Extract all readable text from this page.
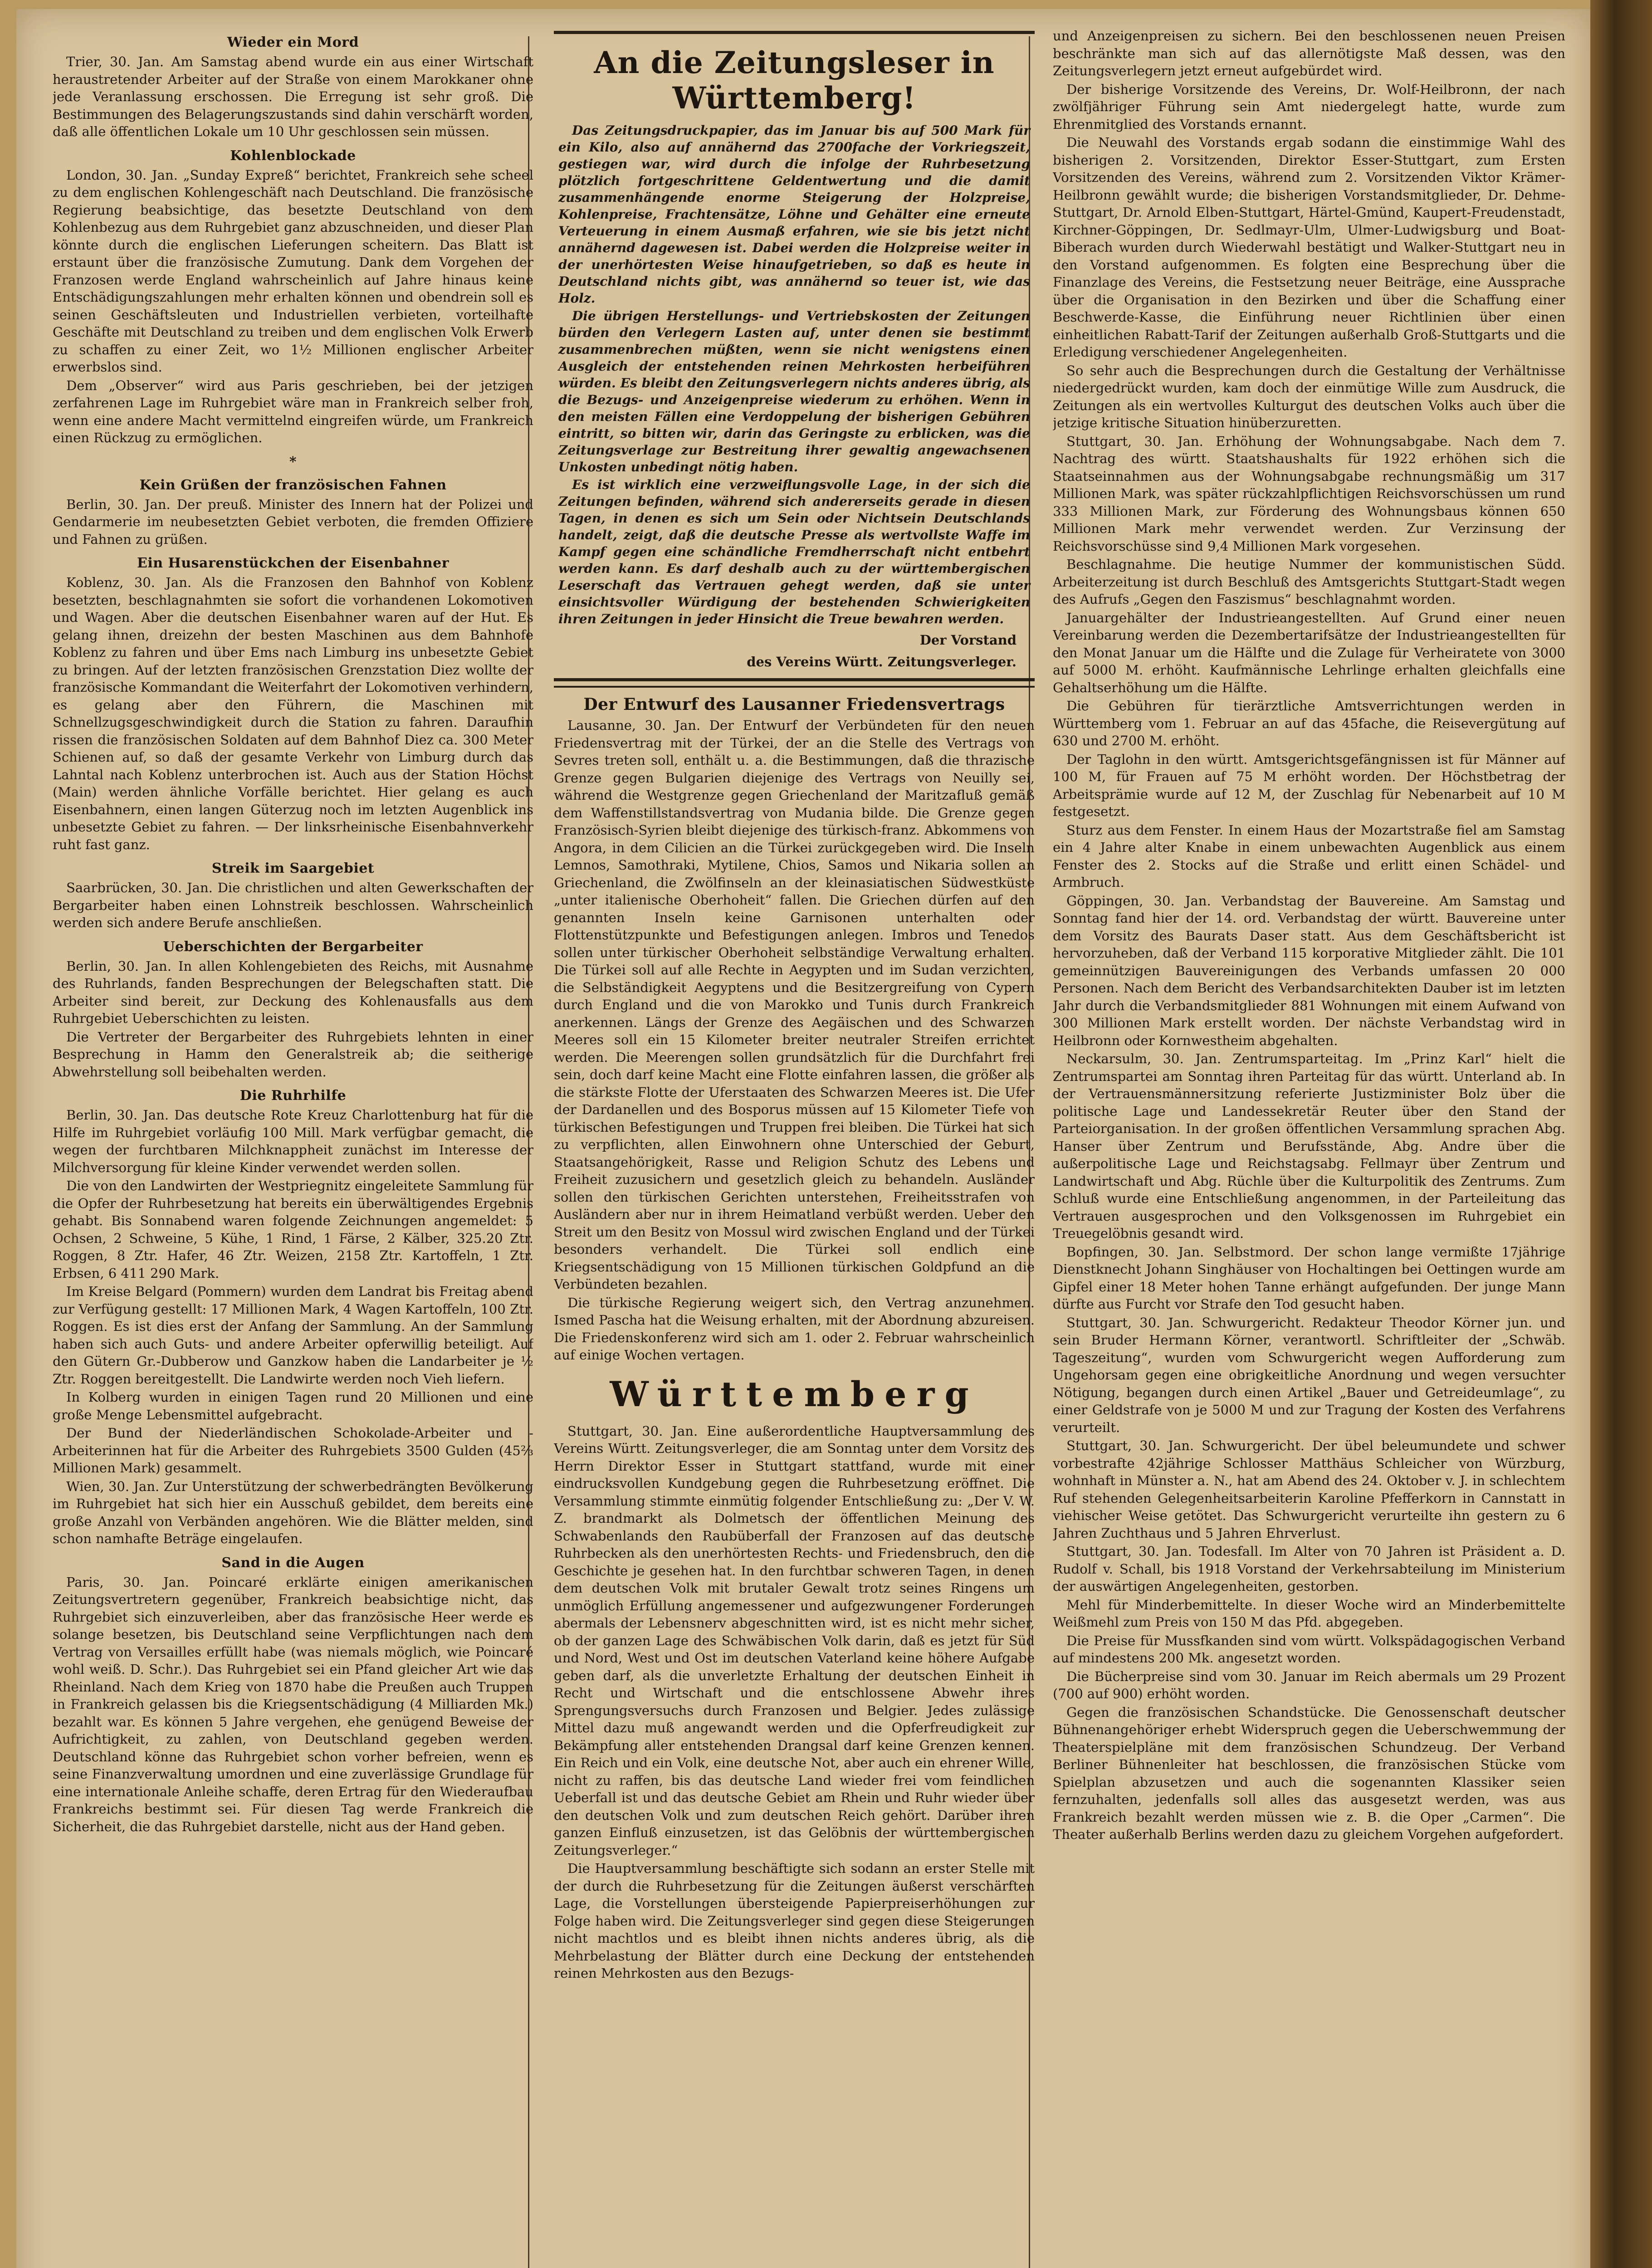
Wieder ein Mord

Trier, 30. Jan. Am Samstag abend wurde ein aus einer Wirtschaft heraustretender Arbeiter auf der Straße von einem Marokkaner ohne jede Veranlassung erschossen. Die Erregung ist sehr groß. Die Bestimmungen des Belagerungszustands sind dahin verschärft worden, daß alle öffentlichen Lokale um 10 Uhr geschlossen sein müssen.

Kohlenblockade

London, 30. Jan. „Sunday Expreß“ berichtet, Frankreich sehe scheel zu dem englischen Kohlengeschäft nach Deutschland. Die französische Regierung beabsichtige, das besetzte Deutschland von dem Kohlenbezug aus dem Ruhrgebiet ganz abzuschneiden, und dieser Plan könnte durch die englischen Lieferungen scheitern. Das Blatt ist erstaunt über die französische Zumutung. Dank dem Vorgehen der Franzosen werde England wahrscheinlich auf Jahre hinaus keine Entschädigungszahlungen mehr erhalten können und obendrein soll es seinen Geschäftsleuten und Industriellen verbieten, vorteilhafte Geschäfte mit Deutschland zu treiben und dem englischen Volk Erwerb zu schaffen zu einer Zeit, wo 1½ Millionen englischer Arbeiter erwerbslos sind.

Dem „Observer“ wird aus Paris geschrieben, bei der jetzigen zerfahrenen Lage im Ruhrgebiet wäre man in Frankreich selber froh, wenn eine andere Macht vermittelnd eingreifen würde, um Frankreich einen Rückzug zu ermöglichen.

*
Kein Grüßen der französischen Fahnen

Berlin, 30. Jan. Der preuß. Minister des Innern hat der Polizei und Gendarmerie im neubesetzten Gebiet verboten, die fremden Offiziere und Fahnen zu grüßen.

Ein Husarenstückchen der Eisenbahner

Koblenz, 30. Jan. Als die Franzosen den Bahnhof von Koblenz besetzten, beschlagnahmten sie sofort die vorhandenen Lokomotiven und Wagen. Aber die deutschen Eisenbahner waren auf der Hut. Es gelang ihnen, dreizehn der besten Maschinen aus dem Bahnhofe Koblenz zu fahren und über Ems nach Limburg ins unbesetzte Gebiet zu bringen. Auf der letzten französischen Grenzstation Diez wollte der französische Kommandant die Weiterfahrt der Lokomotiven verhindern, es gelang aber den Führern, die Maschinen mit Schnellzugsgeschwindigkeit durch die Station zu fahren. Daraufhin rissen die französischen Soldaten auf dem Bahnhof Diez ca. 300 Meter Schienen auf, so daß der gesamte Verkehr von Limburg durch das Lahntal nach Koblenz unterbrochen ist. Auch aus der Station Höchst (Main) werden ähnliche Vorfälle berichtet. Hier gelang es auch Eisenbahnern, einen langen Güterzug noch im letzten Augenblick ins unbesetzte Gebiet zu fahren. — Der linksrheinische Eisenbahnverkehr ruht fast ganz.

Streik im Saargebiet

Saarbrücken, 30. Jan. Die christlichen und alten Gewerkschaften der Bergarbeiter haben einen Lohnstreik beschlossen. Wahrscheinlich werden sich andere Berufe anschließen.

Ueberschichten der Bergarbeiter

Berlin, 30. Jan. In allen Kohlengebieten des Reichs, mit Ausnahme des Ruhrlands, fanden Besprechungen der Belegschaften statt. Die Arbeiter sind bereit, zur Deckung des Kohlenausfalls aus dem Ruhrgebiet Ueberschichten zu leisten.

Die Vertreter der Bergarbeiter des Ruhrgebiets lehnten in einer Besprechung in Hamm den Generalstreik ab; die seitherige Abwehrstellung soll beibehalten werden.

Die Ruhrhilfe

Berlin, 30. Jan. Das deutsche Rote Kreuz Charlottenburg hat für die Hilfe im Ruhrgebiet vorläufig 100 Mill. Mark verfügbar gemacht, die wegen der furchtbaren Milchknappheit zunächst im Interesse der Milchversorgung für kleine Kinder verwendet werden sollen.

Die von den Landwirten der Westpriegnitz eingeleitete Sammlung für die Opfer der Ruhrbesetzung hat bereits ein überwältigendes Ergebnis gehabt. Bis Sonnabend waren folgende Zeichnungen angemeldet: 5 Ochsen, 2 Schweine, 5 Kühe, 1 Rind, 1 Färse, 2 Kälber, 325.20 Ztr. Roggen, 8 Ztr. Hafer, 46 Ztr. Weizen, 2158 Ztr. Kartoffeln, 1 Ztr. Erbsen, 6 411 290 Mark.

Im Kreise Belgard (Pommern) wurden dem Landrat bis Freitag abend zur Verfügung gestellt: 17 Millionen Mark, 4 Wagen Kartoffeln, 100 Ztr. Roggen. Es ist dies erst der Anfang der Sammlung. An der Sammlung haben sich auch Guts- und andere Arbeiter opferwillig beteiligt. Auf den Gütern Gr.-Dubberow und Ganzkow haben die Landarbeiter je ½ Ztr. Roggen bereitgestellt. Die Landwirte werden noch Vieh liefern.

In Kolberg wurden in einigen Tagen rund 20 Millionen und eine große Menge Lebensmittel aufgebracht.

Der Bund der Niederländischen Schokolade-Arbeiter und -Arbeiterinnen hat für die Arbeiter des Ruhrgebiets 3500 Gulden (45⅔ Millionen Mark) gesammelt.

Wien, 30. Jan. Zur Unterstützung der schwerbedrängten Bevölkerung im Ruhrgebiet hat sich hier ein Ausschuß gebildet, dem bereits eine große Anzahl von Verbänden angehören. Wie die Blätter melden, sind schon namhafte Beträge eingelaufen.

Sand in die Augen

Paris, 30. Jan. Poincaré erklärte einigen amerikanischen Zeitungsvertretern gegenüber, Frankreich beabsichtige nicht, das Ruhrgebiet sich einzuverleiben, aber das französische Heer werde es solange besetzen, bis Deutschland seine Verpflichtungen nach dem Vertrag von Versailles erfüllt habe (was niemals möglich, wie Poincaré wohl weiß. D. Schr.). Das Ruhrgebiet sei ein Pfand gleicher Art wie das Rheinland. Nach dem Krieg von 1870 habe die Preußen auch Truppen in Frankreich gelassen bis die Kriegsentschädigung (4 Milliarden Mk.) bezahlt war. Es können 5 Jahre vergehen, ehe genügend Beweise der Aufrichtigkeit, zu zahlen, von Deutschland gegeben werden. Deutschland könne das Ruhrgebiet schon vorher befreien, wenn es seine Finanzverwaltung umordnen und eine zuverlässige Grundlage für eine internationale Anleihe schaffe, deren Ertrag für den Wiederaufbau Frankreichs bestimmt sei. Für diesen Tag werde Frankreich die Sicherheit, die das Ruhrgebiet darstelle, nicht aus der Hand geben.

An die Zeitungsleser in Württemberg!

Das Zeitungsdruckpapier, das im Januar bis auf 500 Mark für ein Kilo, also auf annähernd das 2700fache der Vorkriegszeit, gestiegen war, wird durch die infolge der Ruhrbesetzung plötzlich fortgeschrittene Geldentwertung und die damit zusammenhängende enorme Steigerung der Holzpreise, Kohlenpreise, Frachtensätze, Löhne und Gehälter eine erneute Verteuerung in einem Ausmaß erfahren, wie sie bis jetzt nicht annähernd dagewesen ist. Dabei werden die Holzpreise weiter in der unerhörtesten Weise hinaufgetrieben, so daß es heute in Deutschland nichts gibt, was annähernd so teuer ist, wie das Holz.

Die übrigen Herstellungs- und Vertriebskosten der Zeitungen bürden den Verlegern Lasten auf, unter denen sie bestimmt zusammenbrechen müßten, wenn sie nicht wenigstens einen Ausgleich der entstehenden reinen Mehrkosten herbeiführen würden. Es bleibt den Zeitungsverlegern nichts anderes übrig, als die Bezugs- und Anzeigenpreise wiederum zu erhöhen. Wenn in den meisten Fällen eine Verdoppelung der bisherigen Gebühren eintritt, so bitten wir, darin das Geringste zu erblicken, was die Zeitungsverlage zur Bestreitung ihrer gewaltig angewachsenen Unkosten unbedingt nötig haben.

Es ist wirklich eine verzweiflungsvolle Lage, in der sich die Zeitungen befinden, während sich andererseits gerade in diesen Tagen, in denen es sich um Sein oder Nichtsein Deutschlands handelt, zeigt, daß die deutsche Presse als wertvollste Waffe im Kampf gegen eine schändliche Fremdherrschaft nicht entbehrt werden kann. Es darf deshalb auch zu der württembergischen Leserschaft das Vertrauen gehegt werden, daß sie unter einsichtsvoller Würdigung der bestehenden Schwierigkeiten ihren Zeitungen in jeder Hinsicht die Treue bewahren werden.

Der Vorstand
des Vereins Württ. Zeitungsverleger.
Der Entwurf des Lausanner Friedensvertrags

Lausanne, 30. Jan. Der Entwurf der Verbündeten für den neuen Friedensvertrag mit der Türkei, der an die Stelle des Vertrags von Sevres treten soll, enthält u. a. die Bestimmungen, daß die thrazische Grenze gegen Bulgarien diejenige des Vertrags von Neuilly sei, während die Westgrenze gegen Griechenland der Maritzafluß gemäß dem Waffenstillstandsvertrag von Mudania bilde. Die Grenze gegen Französisch-Syrien bleibt diejenige des türkisch-franz. Abkommens von Angora, in dem Cilicien an die Türkei zurückgegeben wird. Die Inseln Lemnos, Samothraki, Mytilene, Chios, Samos und Nikaria sollen an Griechenland, die Zwölfinseln an der kleinasiatischen Südwestküste „unter italienische Oberhoheit“ fallen. Die Griechen dürfen auf den genannten Inseln keine Garnisonen unterhalten oder Flottenstützpunkte und Befestigungen anlegen. Imbros und Tenedos sollen unter türkischer Oberhoheit selbständige Verwaltung erhalten. Die Türkei soll auf alle Rechte in Aegypten und im Sudan verzichten, die Selbständigkeit Aegyptens und die Besitzergreifung von Cypern durch England und die von Marokko und Tunis durch Frankreich anerkennen. Längs der Grenze des Aegäischen und des Schwarzen Meeres soll ein 15 Kilometer breiter neutraler Streifen errichtet werden. Die Meerengen sollen grundsätzlich für die Durchfahrt frei sein, doch darf keine Macht eine Flotte einfahren lassen, die größer als die stärkste Flotte der Uferstaaten des Schwarzen Meeres ist. Die Ufer der Dardanellen und des Bosporus müssen auf 15 Kilometer Tiefe von türkischen Befestigungen und Truppen frei bleiben. Die Türkei hat sich zu verpflichten, allen Einwohnern ohne Unterschied der Geburt, Staatsangehörigkeit, Rasse und Religion Schutz des Lebens und Freiheit zuzusichern und gesetzlich gleich zu behandeln. Ausländer sollen den türkischen Gerichten unterstehen, Freiheitsstrafen von Ausländern aber nur in ihrem Heimatland verbüßt werden. Ueber den Streit um den Besitz von Mossul wird zwischen England und der Türkei besonders verhandelt. Die Türkei soll endlich eine Kriegsentschädigung von 15 Millionen türkischen Goldpfund an die Verbündeten bezahlen.

Die türkische Regierung weigert sich, den Vertrag anzunehmen. Ismed Pascha hat die Weisung erhalten, mit der Abordnung abzureisen. Die Friedenskonferenz wird sich am 1. oder 2. Februar wahrscheinlich auf einige Wochen vertagen.

Württemberg

Stuttgart, 30. Jan. Eine außerordentliche Hauptversammlung des Vereins Württ. Zeitungsverleger, die am Sonntag unter dem Vorsitz des Herrn Direktor Esser in Stuttgart stattfand, wurde mit einer eindrucksvollen Kundgebung gegen die Ruhrbesetzung eröffnet. Die Versammlung stimmte einmütig folgender Entschließung zu: „Der V. W. Z. brandmarkt als Dolmetsch der öffentlichen Meinung des Schwabenlands den Raubüberfall der Franzosen auf das deutsche Ruhrbecken als den unerhörtesten Rechts- und Friedensbruch, den die Geschichte je gesehen hat. In den furchtbar schweren Tagen, in denen dem deutschen Volk mit brutaler Gewalt trotz seines Ringens um unmöglich Erfüllung angemessener und aufgezwungener Forderungen abermals der Lebensnerv abgeschnitten wird, ist es nicht mehr sicher, ob der ganzen Lage des Schwäbischen Volk darin, daß es jetzt für Süd und Nord, West und Ost im deutschen Vaterland keine höhere Aufgabe geben darf, als die unverletzte Erhaltung der deutschen Einheit in Recht und Wirtschaft und die entschlossene Abwehr ihres Sprengungsversuchs durch Franzosen und Belgier. Jedes zulässige Mittel dazu muß angewandt werden und die Opferfreudigkeit zur Bekämpfung aller entstehenden Drangsal darf keine Grenzen kennen. Ein Reich und ein Volk, eine deutsche Not, aber auch ein ehrener Wille, nicht zu raffen, bis das deutsche Land wieder frei vom feindlichen Ueberfall ist und das deutsche Gebiet am Rhein und Ruhr wieder über den deutschen Volk und zum deutschen Reich gehört. Darüber ihren ganzen Einfluß einzusetzen, ist das Gelöbnis der württembergischen Zeitungsverleger.“

Die Hauptversammlung beschäftigte sich sodann an erster Stelle mit der durch die Ruhrbesetzung für die Zeitungen äußerst verschärften Lage, die Vorstellungen übersteigende Papierpreiserhöhungen zur Folge haben wird. Die Zeitungsverleger sind gegen diese Steigerungen nicht machtlos und es bleibt ihnen nichts anderes übrig, als die Mehrbelastung der Blätter durch eine Deckung der entstehenden reinen Mehrkosten aus den Bezugs-

und Anzeigenpreisen zu sichern. Bei den beschlossenen neuen Preisen beschränkte man sich auf das allernötigste Maß dessen, was den Zeitungsverlegern jetzt erneut aufgebürdet wird.

Der bisherige Vorsitzende des Vereins, Dr. Wolf-Heilbronn, der nach zwölfjähriger Führung sein Amt niedergelegt hatte, wurde zum Ehrenmitglied des Vorstands ernannt.

Die Neuwahl des Vorstands ergab sodann die einstimmige Wahl des bisherigen 2. Vorsitzenden, Direktor Esser-Stuttgart, zum Ersten Vorsitzenden des Vereins, während zum 2. Vorsitzenden Viktor Krämer-Heilbronn gewählt wurde; die bisherigen Vorstandsmitglieder, Dr. Dehme-Stuttgart, Dr. Arnold Elben-Stuttgart, Härtel-Gmünd, Kaupert-Freudenstadt, Kirchner-Göppingen, Dr. Sedlmayr-Ulm, Ulmer-Ludwigsburg und Boat-Biberach wurden durch Wiederwahl bestätigt und Walker-Stuttgart neu in den Vorstand aufgenommen. Es folgten eine Besprechung über die Finanzlage des Vereins, die Festsetzung neuer Beiträge, eine Aussprache über die Organisation in den Bezirken und über die Schaffung einer Beschwerde-Kasse, die Einführung neuer Richtlinien über einen einheitlichen Rabatt-Tarif der Zeitungen außerhalb Groß-Stuttgarts und die Erledigung verschiedener Angelegenheiten.

So sehr auch die Besprechungen durch die Gestaltung der Verhältnisse niedergedrückt wurden, kam doch der einmütige Wille zum Ausdruck, die Zeitungen als ein wertvolles Kulturgut des deutschen Volks auch über die jetzige kritische Situation hinüberzuretten.

Stuttgart, 30. Jan. Erhöhung der Wohnungsabgabe. Nach dem 7. Nachtrag des württ. Staatshaushalts für 1922 erhöhen sich die Staatseinnahmen aus der Wohnungsabgabe rechnungsmäßig um 317 Millionen Mark, was später rückzahlpflichtigen Reichsvorschüssen um rund 333 Millionen Mark, zur Förderung des Wohnungsbaus können 650 Millionen Mark mehr verwendet werden. Zur Verzinsung der Reichsvorschüsse sind 9,4 Millionen Mark vorgesehen.

Beschlagnahme. Die heutige Nummer der kommunistischen Südd. Arbeiterzeitung ist durch Beschluß des Amtsgerichts Stuttgart-Stadt wegen des Aufrufs „Gegen den Faszismus“ beschlagnahmt worden.

Januargehälter der Industrieangestellten. Auf Grund einer neuen Vereinbarung werden die Dezembertarifsätze der Industrieangestellten für den Monat Januar um die Hälfte und die Zulage für Verheiratete von 3000 auf 5000 M. erhöht. Kaufmännische Lehrlinge erhalten gleichfalls eine Gehaltserhöhung um die Hälfte.

Die Gebühren für tierärztliche Amtsverrichtungen werden in Württemberg vom 1. Februar an auf das 45fache, die Reisevergütung auf 630 und 2700 M. erhöht.

Der Taglohn in den württ. Amtsgerichtsgefängnissen ist für Männer auf 100 M, für Frauen auf 75 M erhöht worden. Der Höchstbetrag der Arbeitsprämie wurde auf 12 M, der Zuschlag für Nebenarbeit auf 10 M festgesetzt.

Sturz aus dem Fenster. In einem Haus der Mozartstraße fiel am Samstag ein 4 Jahre alter Knabe in einem unbewachten Augenblick aus einem Fenster des 2. Stocks auf die Straße und erlitt einen Schädel- und Armbruch.

Göppingen, 30. Jan. Verbandstag der Bauvereine. Am Samstag und Sonntag fand hier der 14. ord. Verbandstag der württ. Bauvereine unter dem Vorsitz des Baurats Daser statt. Aus dem Geschäftsbericht ist hervorzuheben, daß der Verband 115 korporative Mitglieder zählt. Die 101 gemeinnützigen Bauvereinigungen des Verbands umfassen 20 000 Personen. Nach dem Bericht des Verbandsarchitekten Dauber ist im letzten Jahr durch die Verbandsmitglieder 881 Wohnungen mit einem Aufwand von 300 Millionen Mark erstellt worden. Der nächste Verbandstag wird in Heilbronn oder Kornwestheim abgehalten.

Neckarsulm, 30. Jan. Zentrumsparteitag. Im „Prinz Karl“ hielt die Zentrumspartei am Sonntag ihren Parteitag für das württ. Unterland ab. In der Vertrauensmännersitzung referierte Justizminister Bolz über die politische Lage und Landessekretär Reuter über den Stand der Parteiorganisation. In der großen öffentlichen Versammlung sprachen Abg. Hanser über Zentrum und Berufsstände, Abg. Andre über die außerpolitische Lage und Reichstagsabg. Fellmayr über Zentrum und Landwirtschaft und Abg. Rüchle über die Kulturpolitik des Zentrums. Zum Schluß wurde eine Entschließung angenommen, in der Parteileitung das Vertrauen ausgesprochen und den Volksgenossen im Ruhrgebiet ein Treuegelöbnis gesandt wird.

Bopfingen, 30. Jan. Selbstmord. Der schon lange vermißte 17jährige Dienstknecht Johann Singhäuser von Hochaltingen bei Oettingen wurde am Gipfel einer 18 Meter hohen Tanne erhängt aufgefunden. Der junge Mann dürfte aus Furcht vor Strafe den Tod gesucht haben.

Stuttgart, 30. Jan. Schwurgericht. Redakteur Theodor Körner jun. und sein Bruder Hermann Körner, verantwortl. Schriftleiter der „Schwäb. Tageszeitung“, wurden vom Schwurgericht wegen Aufforderung zum Ungehorsam gegen eine obrigkeitliche Anordnung und wegen versuchter Nötigung, begangen durch einen Artikel „Bauer und Getreideumlage“, zu einer Geldstrafe von je 5000 M und zur Tragung der Kosten des Verfahrens verurteilt.

Stuttgart, 30. Jan. Schwurgericht. Der übel beleumundete und schwer vorbestrafte 42jährige Schlosser Matthäus Schleicher von Würzburg, wohnhaft in Münster a. N., hat am Abend des 24. Oktober v. J. in schlechtem Ruf stehenden Gelegenheitsarbeiterin Karoline Pfefferkorn in Cannstatt in viehischer Weise getötet. Das Schwurgericht verurteilte ihn gestern zu 6 Jahren Zuchthaus und 5 Jahren Ehrverlust.

Stuttgart, 30. Jan. Todesfall. Im Alter von 70 Jahren ist Präsident a. D. Rudolf v. Schall, bis 1918 Vorstand der Verkehrsabteilung im Ministerium der auswärtigen Angelegenheiten, gestorben.

Mehl für Minderbemittelte. In dieser Woche wird an Minderbemittelte Weißmehl zum Preis von 150 M das Pfd. abgegeben.

Die Preise für Mussfkanden sind vom württ. Volkspädagogischen Verband auf mindestens 200 Mk. angesetzt worden.

Die Bücherpreise sind vom 30. Januar im Reich abermals um 29 Prozent (700 auf 900) erhöht worden.

Gegen die französischen Schandstücke. Die Genossenschaft deutscher Bühnenangehöriger erhebt Widerspruch gegen die Ueberschwemmung der Theaterspielpläne mit dem französischen Schundzeug. Der Verband Berliner Bühnenleiter hat beschlossen, die französischen Stücke vom Spielplan abzusetzen und auch die sogenannten Klassiker seien fernzuhalten, jedenfalls soll alles das ausgesetzt werden, was aus Frankreich bezahlt werden müssen wie z. B. die Oper „Carmen“. Die Theater außerhalb Berlins werden dazu zu gleichem Vorgehen aufgefordert.
